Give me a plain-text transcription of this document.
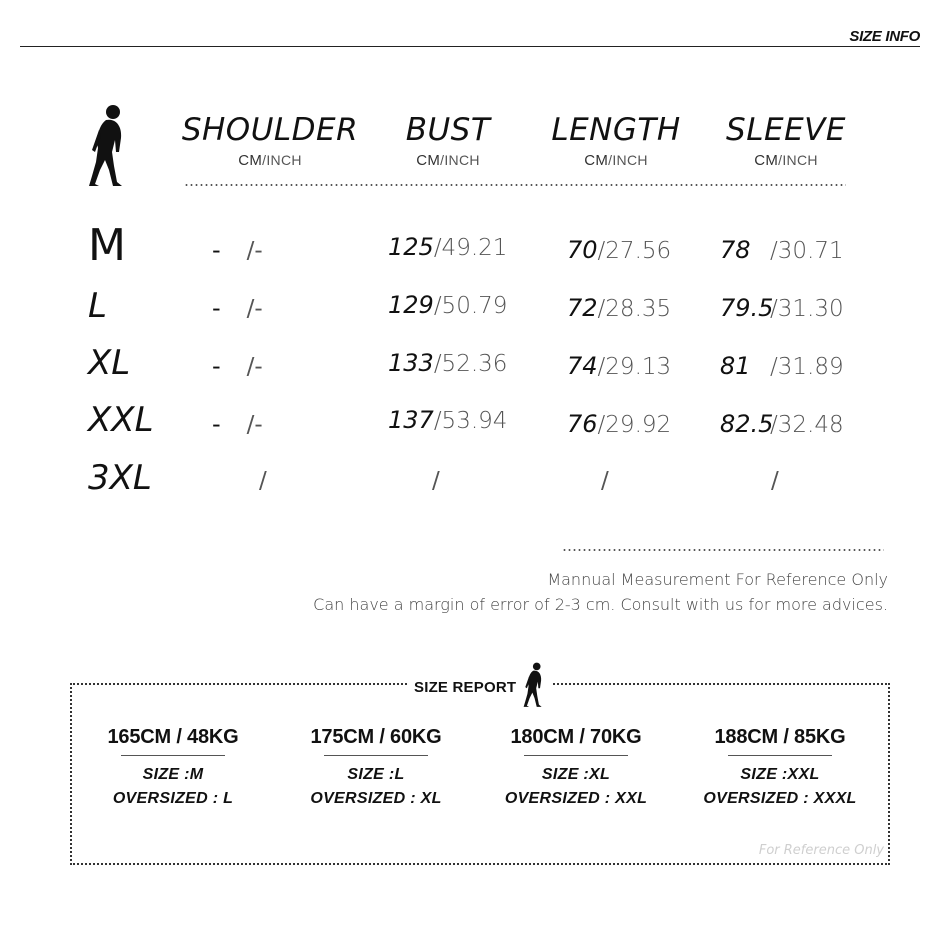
SIZE INFO
SHOULDER
CM/INCH
BUST
CM/INCH
LENGTH
CM/INCH
SLEEVE
CM/INCH
M	- /-	125/49.21 70/27.56 78 /30.71
L	- /-	129/50.79 72/28.35 79.5/31.30
XL	- /-	133/52.36 74/29.13 81 /31.89
XXL - /-	137/53.94 76/29.92 82.5/32.48
3XL	/	/	/	/
Mannual Measurement For Reference Only
Can have a margin of error of 2-3 cm. Consult with us for more advices.
SIZE REPORT
165CM / 48KG
SIZE :M
OVERSIZED : L
175CM / 60KG
SIZE :L
OVERSIZED : XL
180CM / 70KG
SIZE :XL
OVERSIZED : XXL
188CM / 85KG
SIZE :XXL
OVERSIZED : XXXL
For Reference Only
